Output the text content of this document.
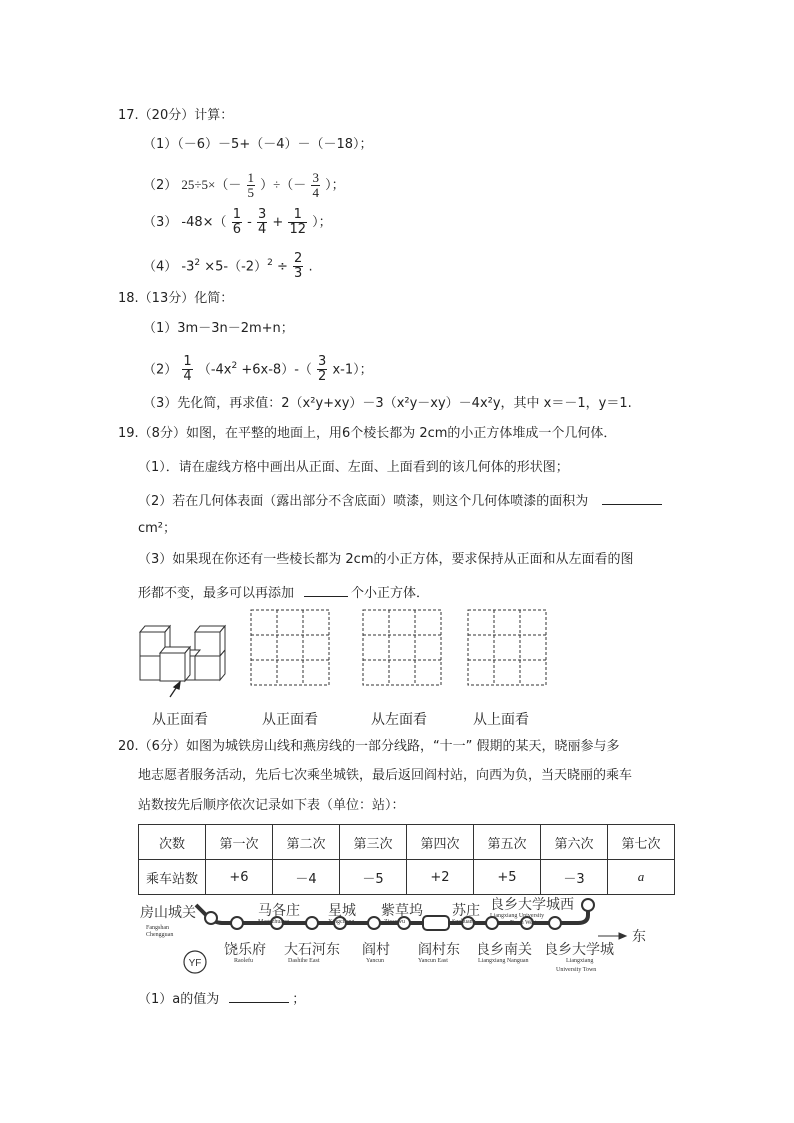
17.（20分）计算：
（1）（－6）－5+（－4）－（－18）；
（2） $25\div 5\times(- \frac{1}{5}$ ）÷（－ $\frac{3}{4}$ ）；
（3） $-48\times( \frac{1}{6} - \frac{3}{4} + \frac{1}{12}$ ）；
（4） $-3^2 \times 5-(-2)^2 \div \frac{2}{3}$ .
18.（13分）化简：
（1）3m－3n－2m+n；
$(2) \frac{1}{4} (-4x^2 +6x-8)-( \frac{3}{2} x-1)$；
（3）先化简，再求值：2（x²y+xy）－3（x²y－xy）－4x²y，其中 x＝－1，y＝1.
19.（8分）如图，在平整的地面上，用6个棱长都为 2cm的小正方体堆成一个几何体．
（1）．请在虚线方格中画出从正面、左面、上面看到的该几何体的形状图；
（2）若在几何体表面（露出部分不含底面）喷漆，则这个几何体喷漆的面积为
cm²；
（3）如果现在你还有一些棱长都为 2cm的小正方体，要求保持从正面和从左面看的图
形都不变，最多可以再添加	个小正方体．
从正面看	从正面看	从左面看	从上面看
20.（6分）如图为城铁房山线和燕房线的一部分线路，“十一” 假期的某天，晓丽参与多
地志愿者服务活动，先后七次乘坐城铁，最后返回阎村站，向西为负，当天晓丽的乘车
站数按先后顺序依次记录如下表（单位：站）：
次数	第一次	第二次	第三次	第四次	第五次	第六次	第七次
乘车站数	+6	－4	－5	+2	+5	－3	a
房山城关
Fangshan
Chengguan
马各庄
Magezhuang
星城
Xingcheng
紫草坞
Zicaowu
苏庄
Suzhuang
良乡大学城西
Liangxiang University
Town West
饶乐府
Raolefu
大石河东
Dashihe East
阎村
Yancun
阎村东
Yancun East
良乡南关
Liangxiang Nanguan
良乡大学城
Liangxiang
University Town
YF
东
（1）a的值为	；
